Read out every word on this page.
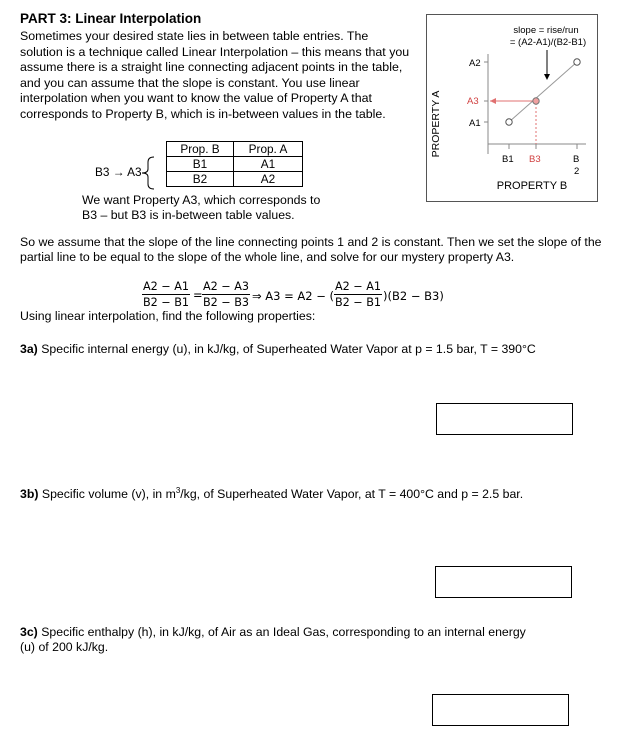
PART 3: Linear Interpolation
Sometimes your desired state lies in between table entries. The solution is a technique called Linear Interpolation – this means that you assume there is a straight line connecting adjacent points in the table, and you can assume that the slope is constant. You use linear interpolation when you want to know the value of Property A that corresponds to Property B, which is in-between values in the table.
B3 → A3
Prop. B	Prop. A
B1	A1
B2	A2
We want Property A3, which corresponds to
B3 – but B3 is in-between table values.
slope = rise/run
= (A2-A1)/(B2-B1)
PROPERTY A
A2
A3
A1
B1 B3	B
2
PROPERTY B
So we assume that the slope of the line connecting points 1 and 2 is constant. Then we set the slope of the partial line to be equal to the slope of the whole line, and solve for our mystery property A3.
$\frac{A2 - A1}{B2 - B1} = \frac{A2 - A3}{B2 - B3}$ ⇒ A3 = A2 − ( $\frac{A2 - A1}{B2 - B1} )(B2 - B3)$
Using linear interpolation, find the following properties:
3a) Specific internal energy (u), in kJ/kg, of Superheated Water Vapor at p = 1.5 bar, T = 390°C
3b) Specific volume (v), in $m^3/kg$, of Superheated Water Vapor, at T = 400°C and p = 2.5 bar.
3c) Specific enthalpy (h), in kJ/kg, of Air as an Ideal Gas, corresponding to an internal energy
(u) of 200 kJ/kg.
